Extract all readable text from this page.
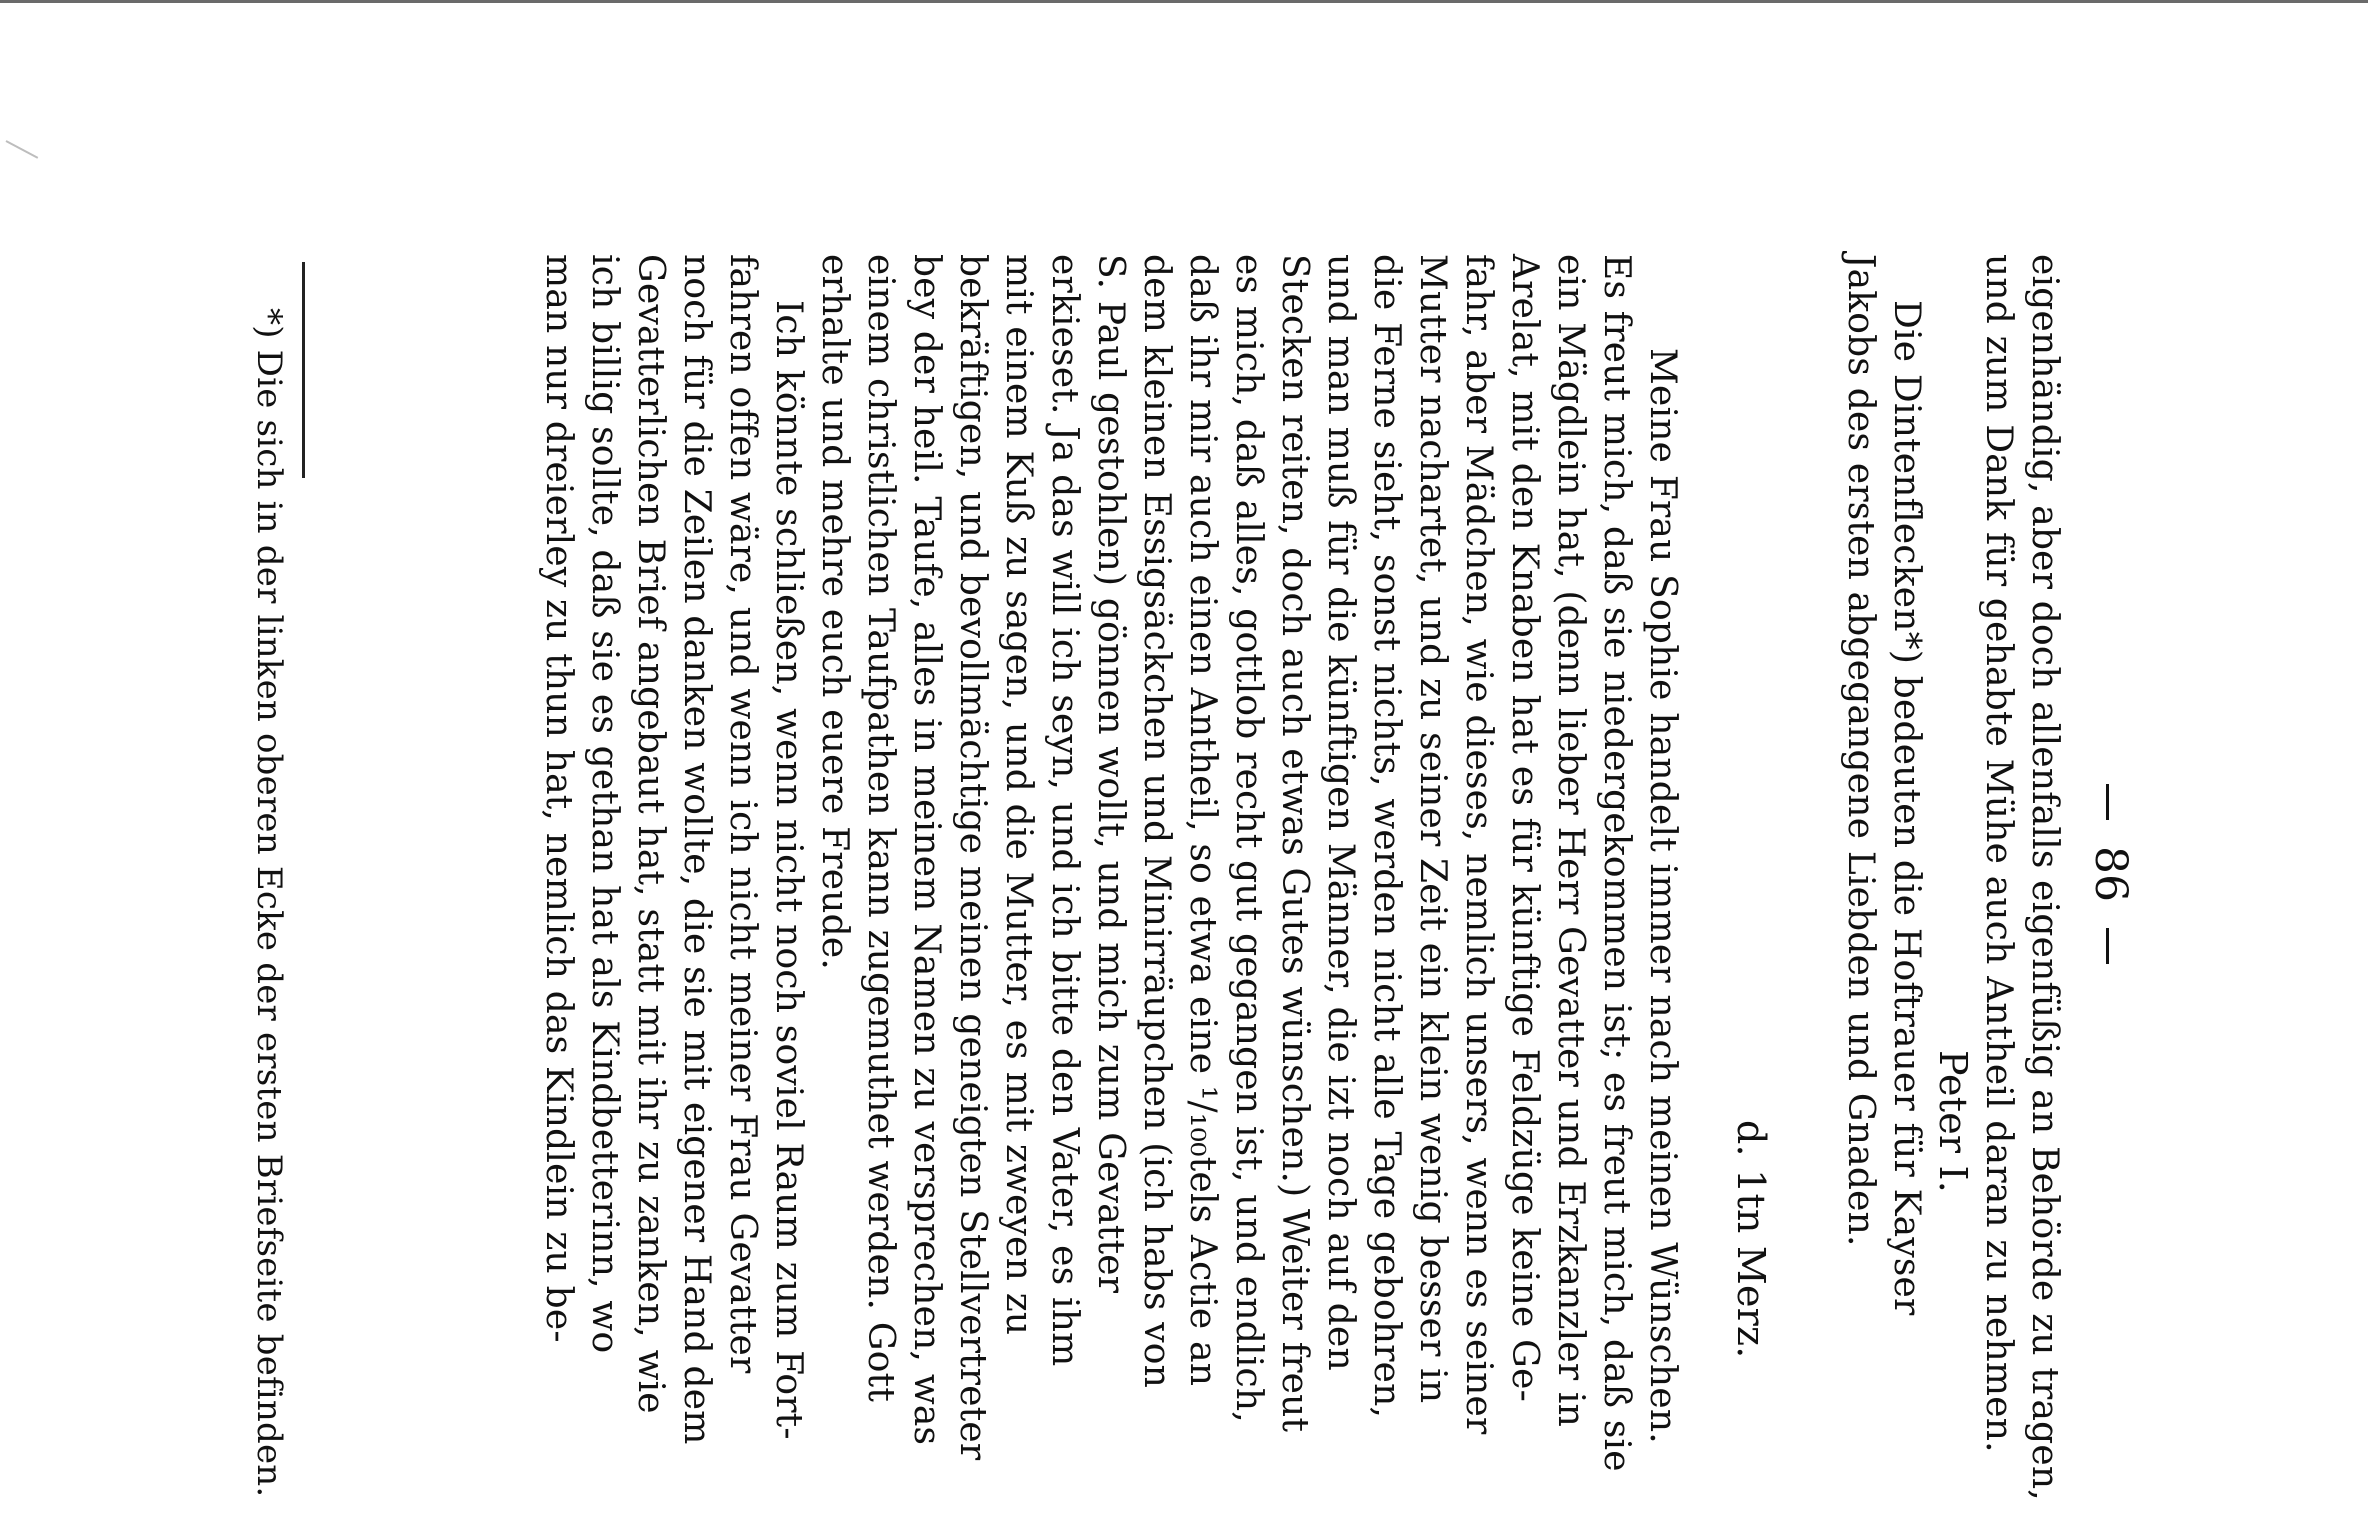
86
eigenhändig, aber doch allenfalls eigenfüßig an Behörde zu tragen,
und zum Dank für gehabte Mühe auch Antheil daran zu nehmen.
Peter I.
Die Dintenflecken*) bedeuten die Hoftrauer für Kayser
Jakobs des ersten abgegangene Liebden und Gnaden.
d. 1tn Merz.
Meine Frau Sophie handelt immer nach meinen Wünschen.
Es freut mich, daß sie niedergekommen ist; es freut mich, daß sie
ein Mägdlein hat, (denn lieber Herr Gevatter und Erzkanzler in
Arelat, mit den Knaben hat es für künftige Feldzüge keine Ge-
fahr, aber Mädchen, wie dieses, nemlich unsers, wenn es seiner
Mutter nachartet, und zu seiner Zeit ein klein wenig besser in
die Ferne sieht, sonst nichts, werden nicht alle Tage gebohren,
und man muß für die künftigen Männer, die izt noch auf den
Stecken reiten, doch auch etwas Gutes wünschen.) Weiter freut
es mich, daß alles, gottlob recht gut gegangen ist, und endlich,
daß ihr mir auch einen Antheil, so etwa eine ¹/₁₀₀tels Actie an
dem kleinen Essigsäckchen und Minirräupchen (ich habs von
S. Paul gestohlen) gönnen wollt, und mich zum Gevatter
erkieset. Ja das will ich seyn, und ich bitte den Vater, es ihm
mit einem Kuß zu sagen, und die Mutter, es mit zweyen zu
bekräftigen, und bevollmächtige meinen geneigten Stellvertreter
bey der heil. Taufe, alles in meinem Namen zu versprechen, was
einem christlichen Taufpathen kann zugemuthet werden. Gott
erhalte und mehre euch euere Freude.
Ich könnte schließen, wenn nicht noch soviel Raum zum Fort-
fahren offen wäre, und wenn ich nicht meiner Frau Gevatter
noch für die Zeilen danken wollte, die sie mit eigener Hand dem
Gevatterlichen Brief angebaut hat, statt mit ihr zu zanken, wie
ich billig sollte, daß sie es gethan hat als Kindbetterinn, wo
man nur dreierley zu thun hat, nemlich das Kindlein zu be-
*) Die sich in der linken oberen Ecke der ersten Briefseite befinden.
